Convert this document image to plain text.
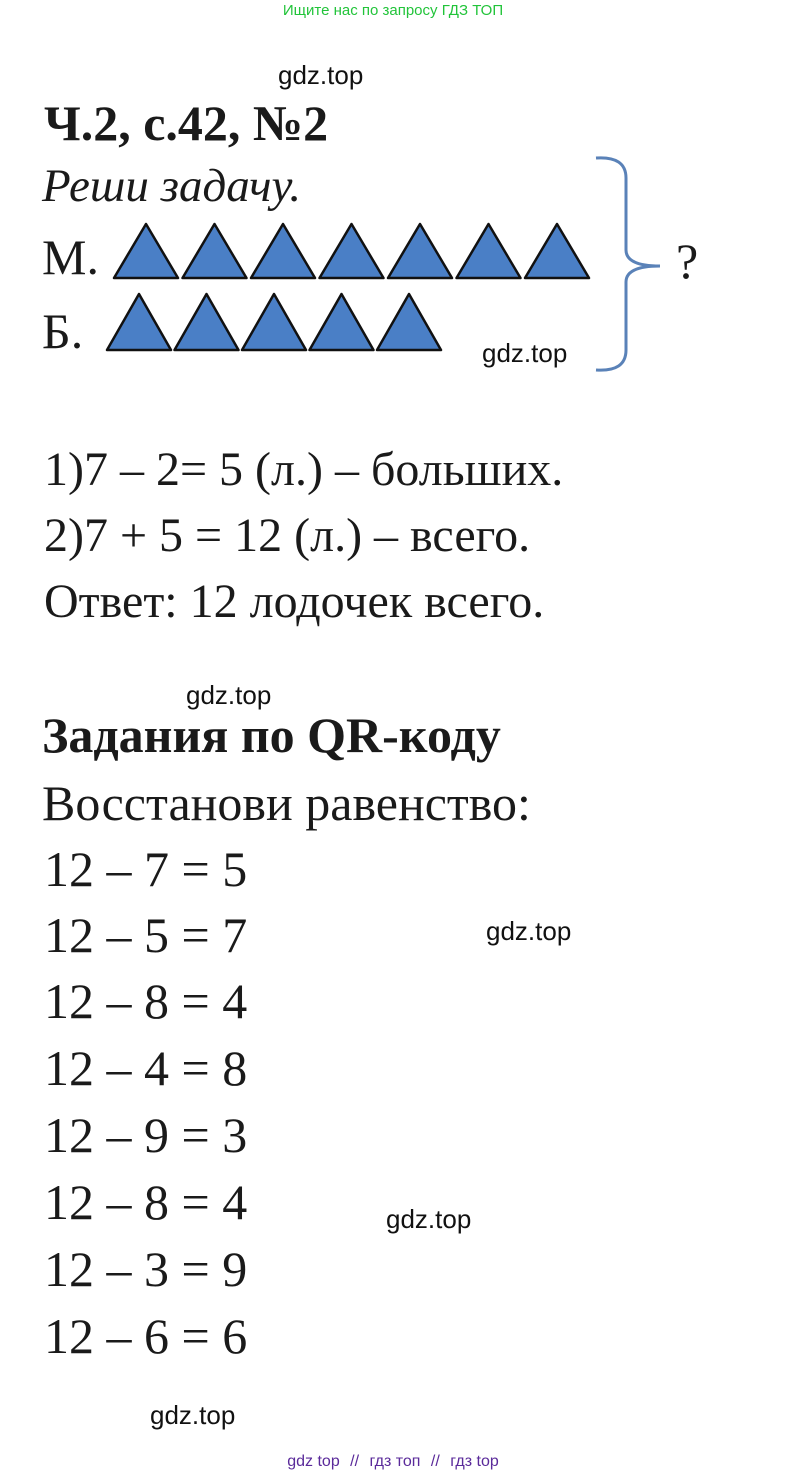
Ищите нас по запросу ГДЗ ТОП
gdz.top
Ч.2, с.42, №2
Реши задачу.
М.
Б.
?
gdz.top
1)7 – 2= 5 (л.) – больших.
2)7 + 5 = 12 (л.) – всего.
Ответ: 12 лодочек всего.
gdz.top
Задания по QR-коду
Восстанови равенство:
12 – 7 = 5
12 – 5 = 7
12 – 8 = 4
12 – 4 = 8
12 – 9 = 3
12 – 8 = 4
12 – 3 = 9
12 – 6 = 6
gdz.top
gdz.top
gdz.top
gdz top // гдз топ // гдз top
